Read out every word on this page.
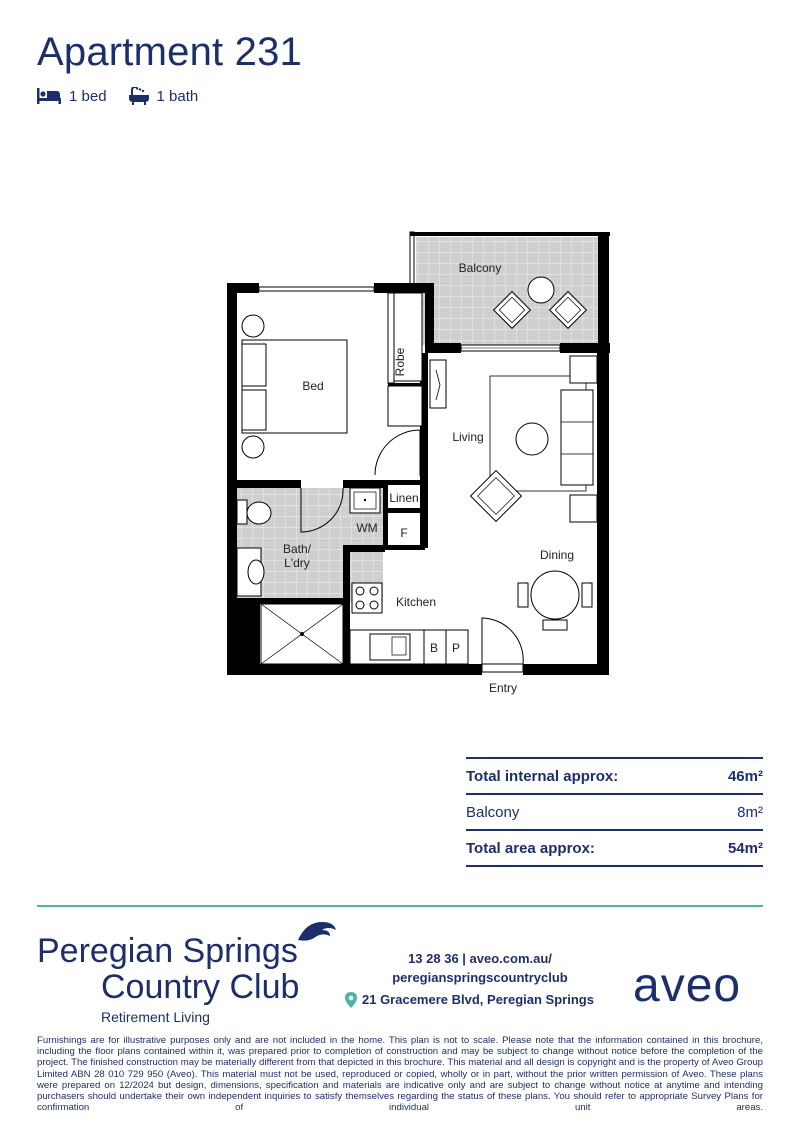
Apartment 231
1 bed	1 bath
Robe
Bed
Balcony
Living
Linen
F
WM
Bath/
L'dry
B P
Kitchen
Dining
Entry
Total internal approx:	46m²
Balcony	8m²
Total area approx:	54m²
Peregian Springs
Country Club
Retirement Living
13 28 36 | aveo.com.au/
peregianspringscountryclub
21 Gracemere Blvd, Peregian Springs aveo
Furnishings are for illustrative purposes only and are not included in the home. This plan is not to scale. Please note that the information contained in this brochure, including the floor plans contained within it, was prepared prior to completion of construction and may be subject to change without notice before the completion of the project. The finished construction may be materially different from that depicted in this brochure. This material and all design is copyright and is the property of Aveo Group Limited ABN 28 010 729 950 (Aveo). This material must not be used, reproduced or copied, wholly or in part, without the prior written permission of Aveo. These plans were prepared on 12/2024 but design, dimensions, specification and materials are indicative only and are subject to change without notice at anytime and intending purchasers should undertake their own independent inquiries to satisfy themselves regarding the status of these plans. You should refer to appropriate Survey Plans for confirmation of individual unit areas.
